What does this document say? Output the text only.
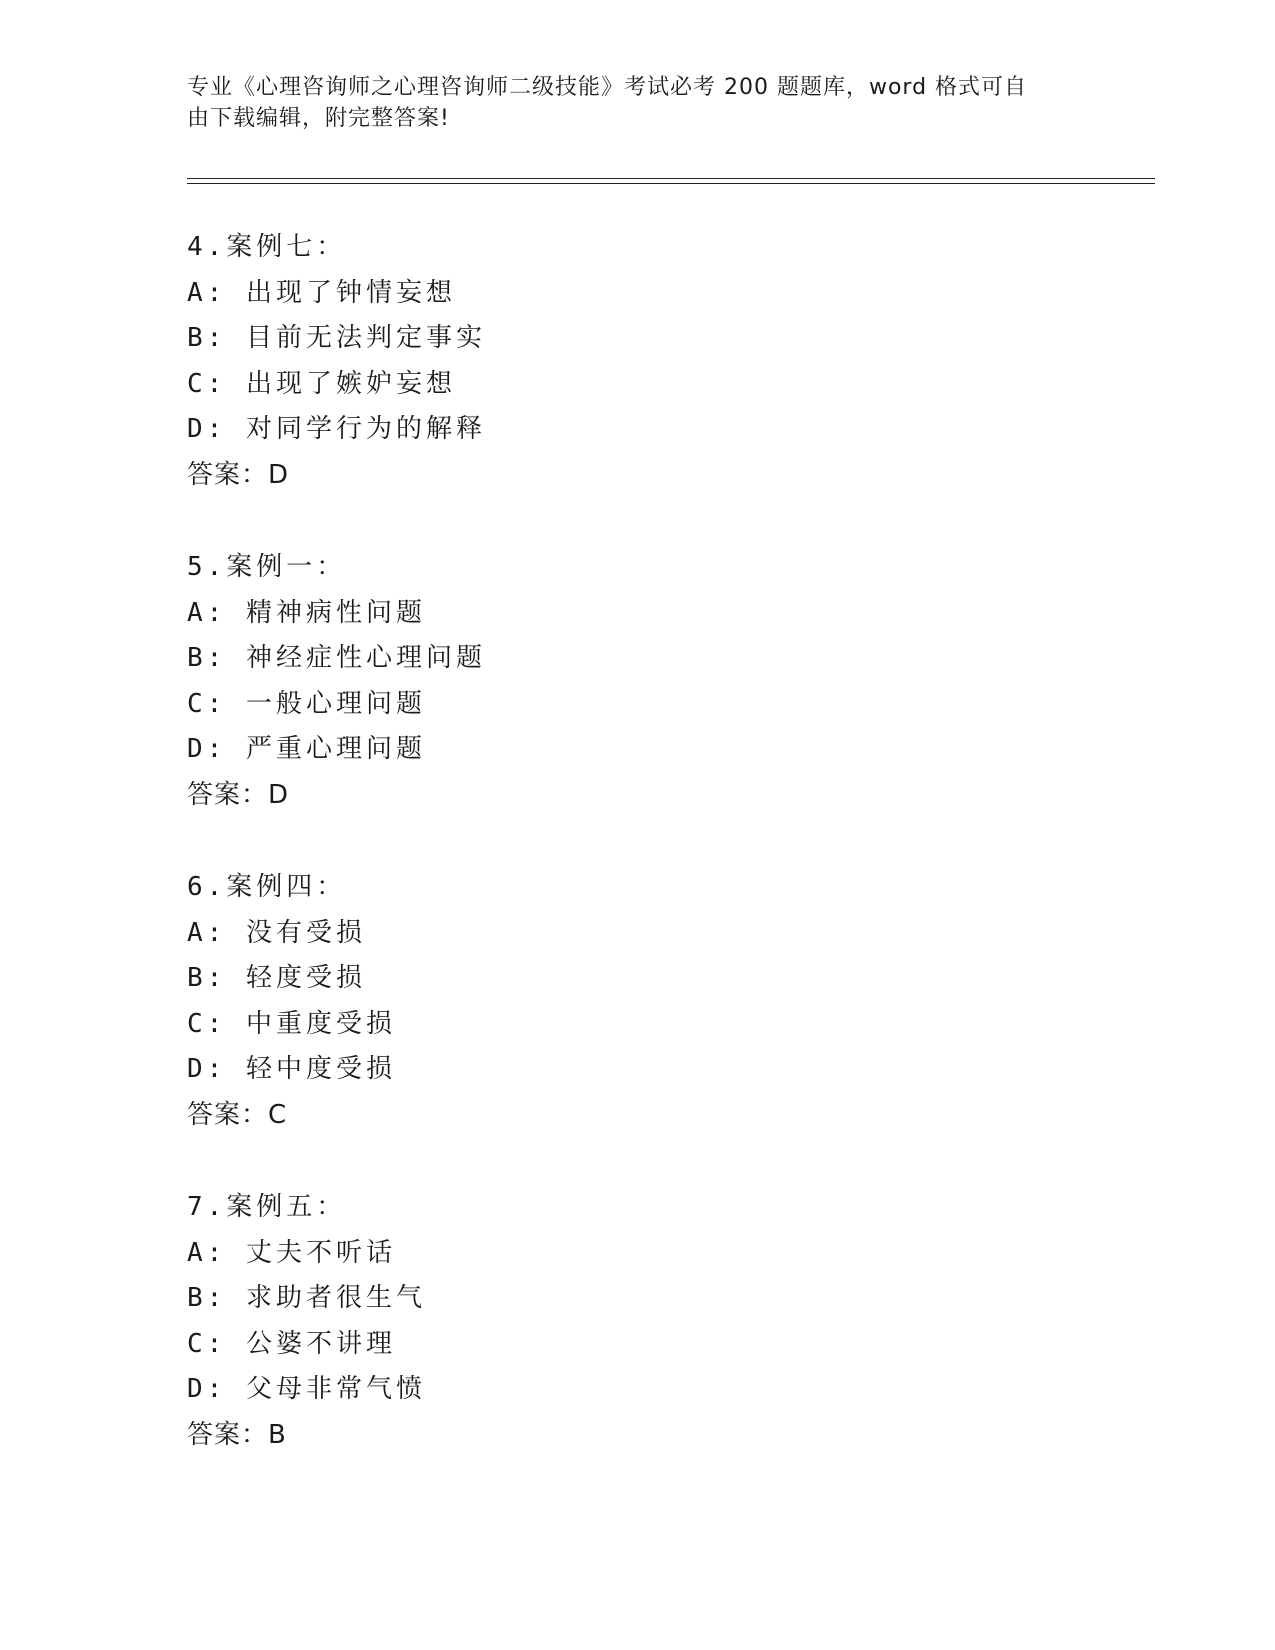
专业《心理咨询师之心理咨询师二级技能》考试必考 200 题题库，word 格式可自
由下载编辑，附完整答案!
4.案例七：
A: 出现了钟情妄想
B: 目前无法判定事实
C: 出现了嫉妒妄想
D: 对同学行为的解释
答案：D
5.案例一：
A: 精神病性问题
B: 神经症性心理问题
C: 一般心理问题
D: 严重心理问题
答案：D
6.案例四：
A: 没有受损
B: 轻度受损
C: 中重度受损
D: 轻中度受损
答案：C
7.案例五：
A: 丈夫不听话
B: 求助者很生气
C: 公婆不讲理
D: 父母非常气愤
答案：B
